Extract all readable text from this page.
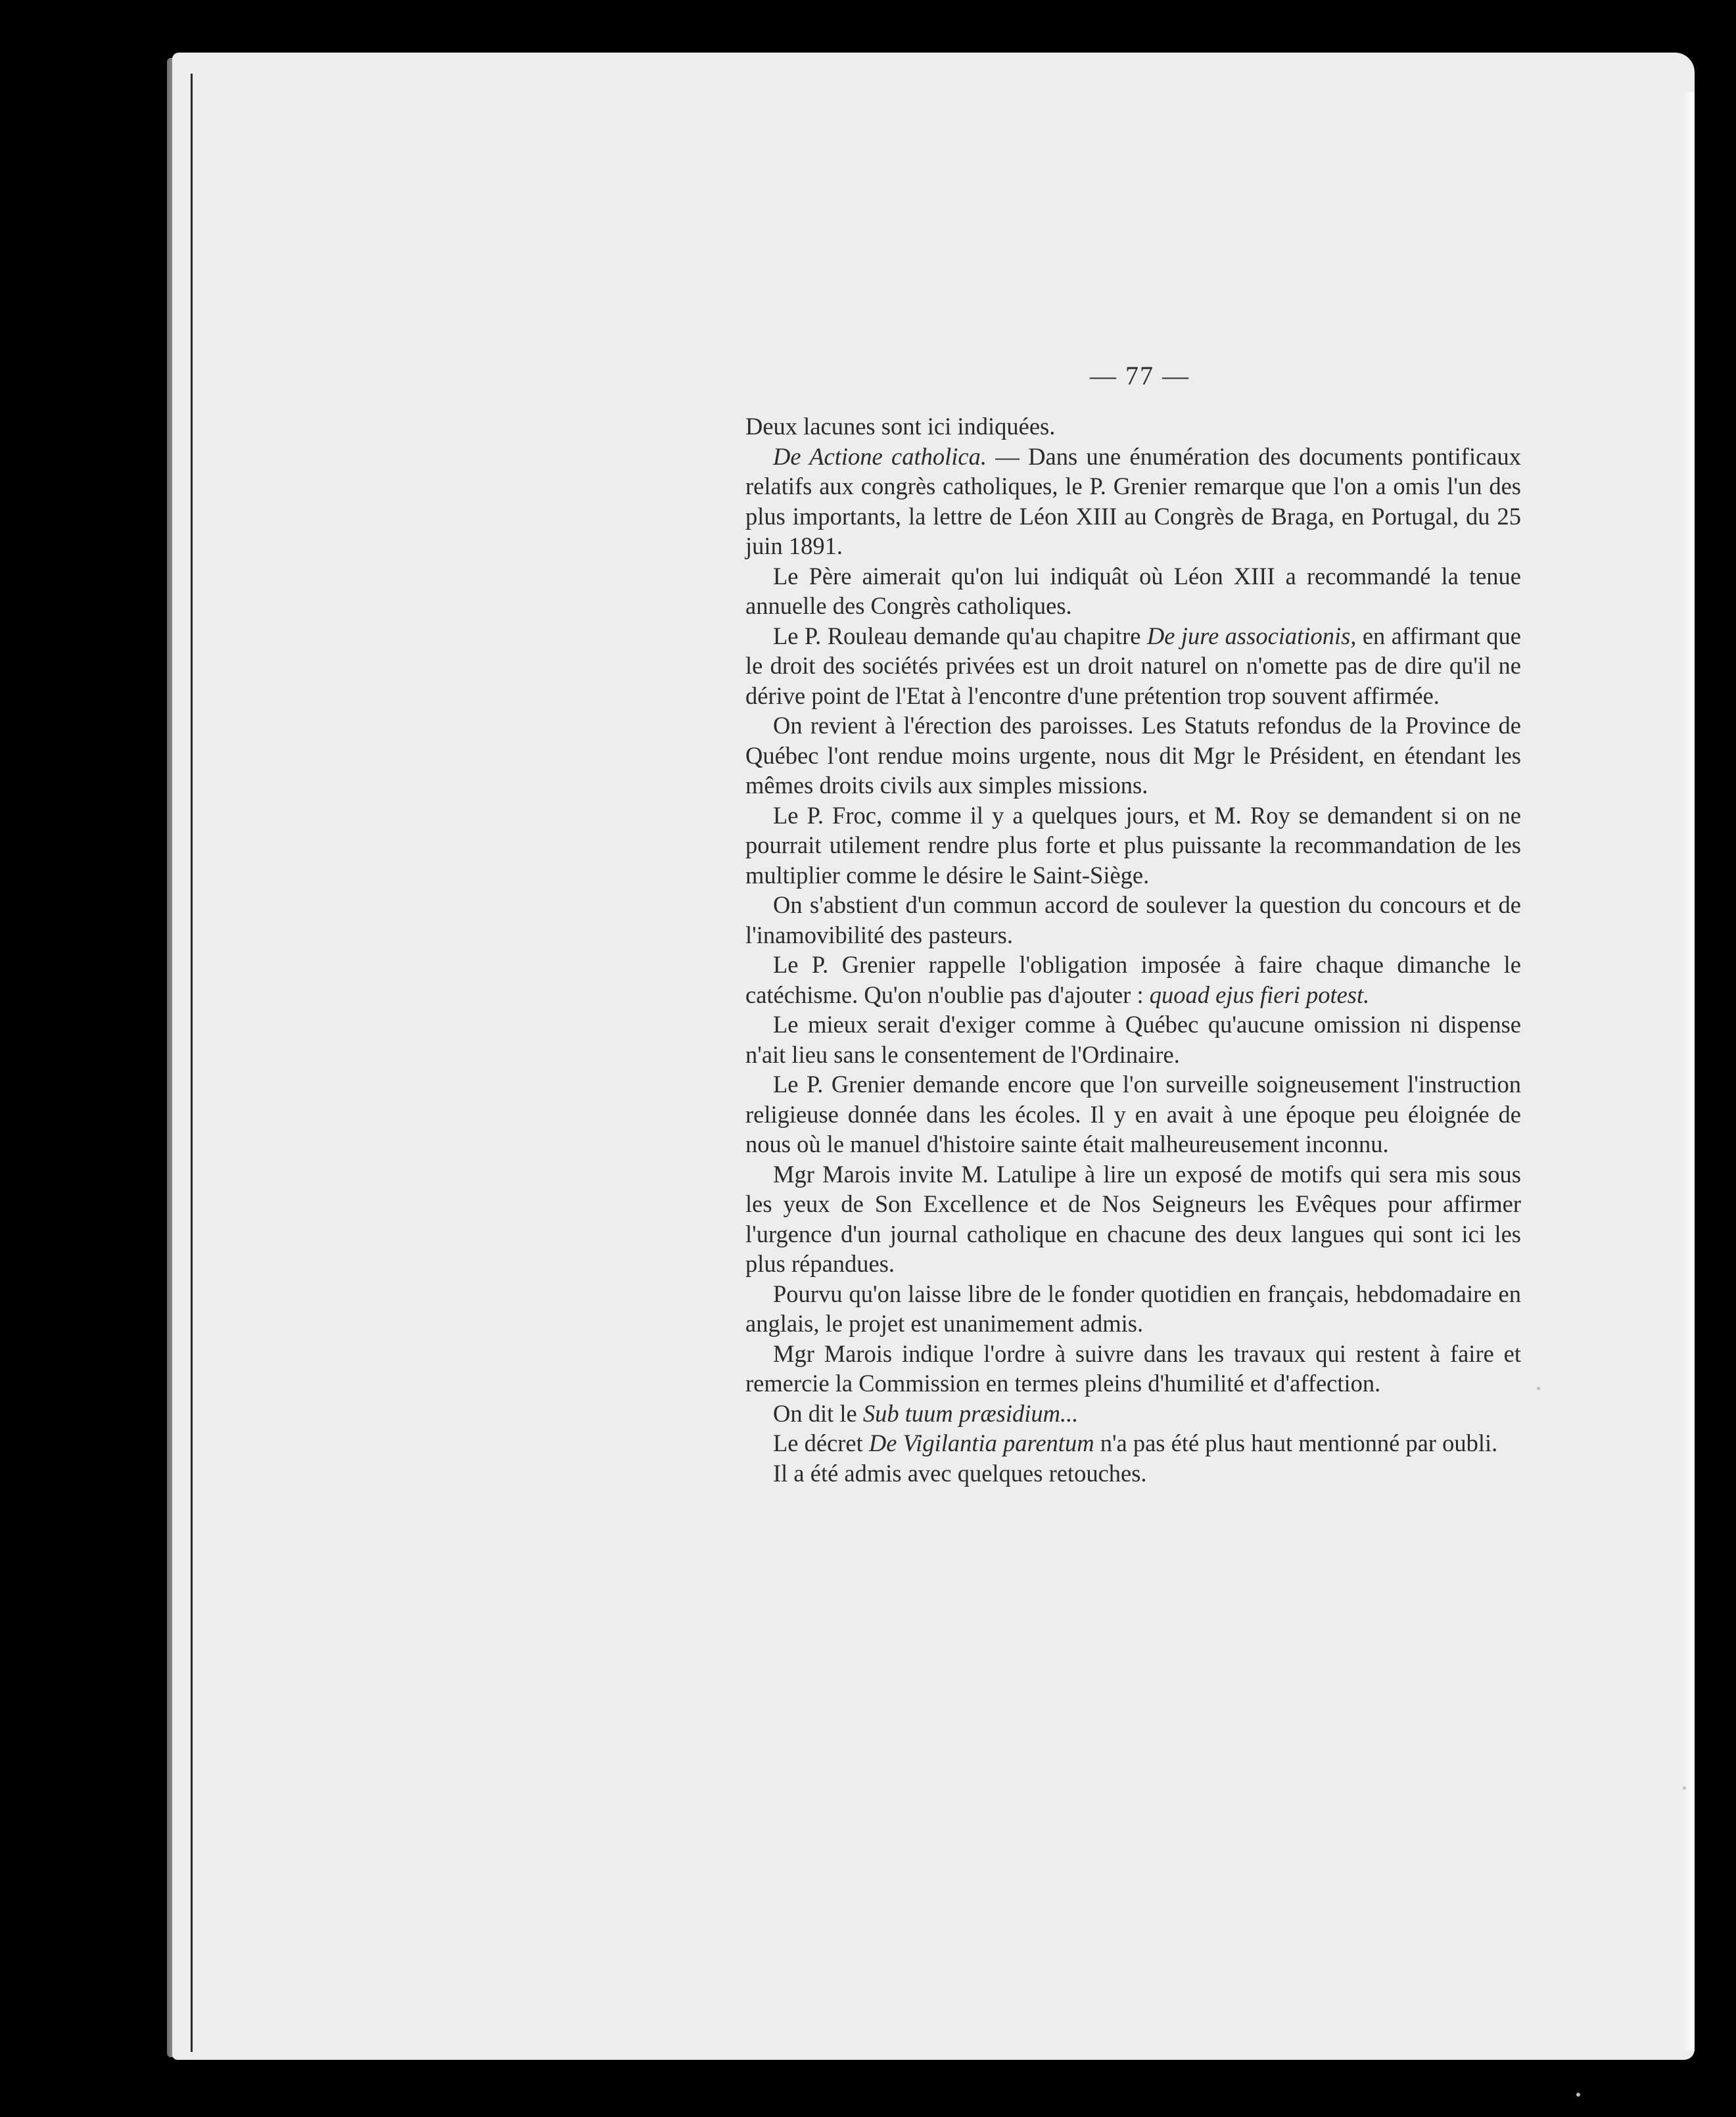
— 77 —

Deux lacunes sont ici indiquées.

De Actione catholica. — Dans une énumération des documents pontificaux relatifs aux congrès catholiques, le P. Grenier remarque que l'on a omis l'un des plus importants, la lettre de Léon XIII au Congrès de Braga, en Portugal, du 25 juin 1891.

Le Père aimerait qu'on lui indiquât où Léon XIII a recommandé la tenue annuelle des Congrès catholiques.

Le P. Rouleau demande qu'au chapitre De jure associationis, en affirmant que le droit des sociétés privées est un droit naturel on n'omette pas de dire qu'il ne dérive point de l'Etat à l'encontre d'une prétention trop souvent affirmée.

On revient à l'érection des paroisses. Les Statuts refondus de la Province de Québec l'ont rendue moins urgente, nous dit Mgr le Président, en étendant les mêmes droits civils aux simples missions.

Le P. Froc, comme il y a quelques jours, et M. Roy se demandent si on ne pourrait utilement rendre plus forte et plus puissante la recommandation de les multiplier comme le désire le Saint-Siège.

On s'abstient d'un commun accord de soulever la question du concours et de l'inamovibilité des pasteurs.

Le P. Grenier rappelle l'obligation imposée à faire chaque dimanche le catéchisme. Qu'on n'oublie pas d'ajouter : quoad ejus fieri potest.

Le mieux serait d'exiger comme à Québec qu'aucune omission ni dispense n'ait lieu sans le consentement de l'Ordinaire.

Le P. Grenier demande encore que l'on surveille soigneusement l'instruction religieuse donnée dans les écoles. Il y en avait à une époque peu éloignée de nous où le manuel d'histoire sainte était malheureusement inconnu.

Mgr Marois invite M. Latulipe à lire un exposé de motifs qui sera mis sous les yeux de Son Excellence et de Nos Seigneurs les Evêques pour affirmer l'urgence d'un journal catholique en chacune des deux langues qui sont ici les plus répandues.

Pourvu qu'on laisse libre de le fonder quotidien en français, hebdomadaire en anglais, le projet est unanimement admis.

Mgr Marois indique l'ordre à suivre dans les travaux qui restent à faire et remercie la Commission en termes pleins d'humilité et d'affection.

On dit le Sub tuum præsidium...

Le décret De Vigilantia parentum n'a pas été plus haut mentionné par oubli.

Il a été admis avec quelques retouches.
